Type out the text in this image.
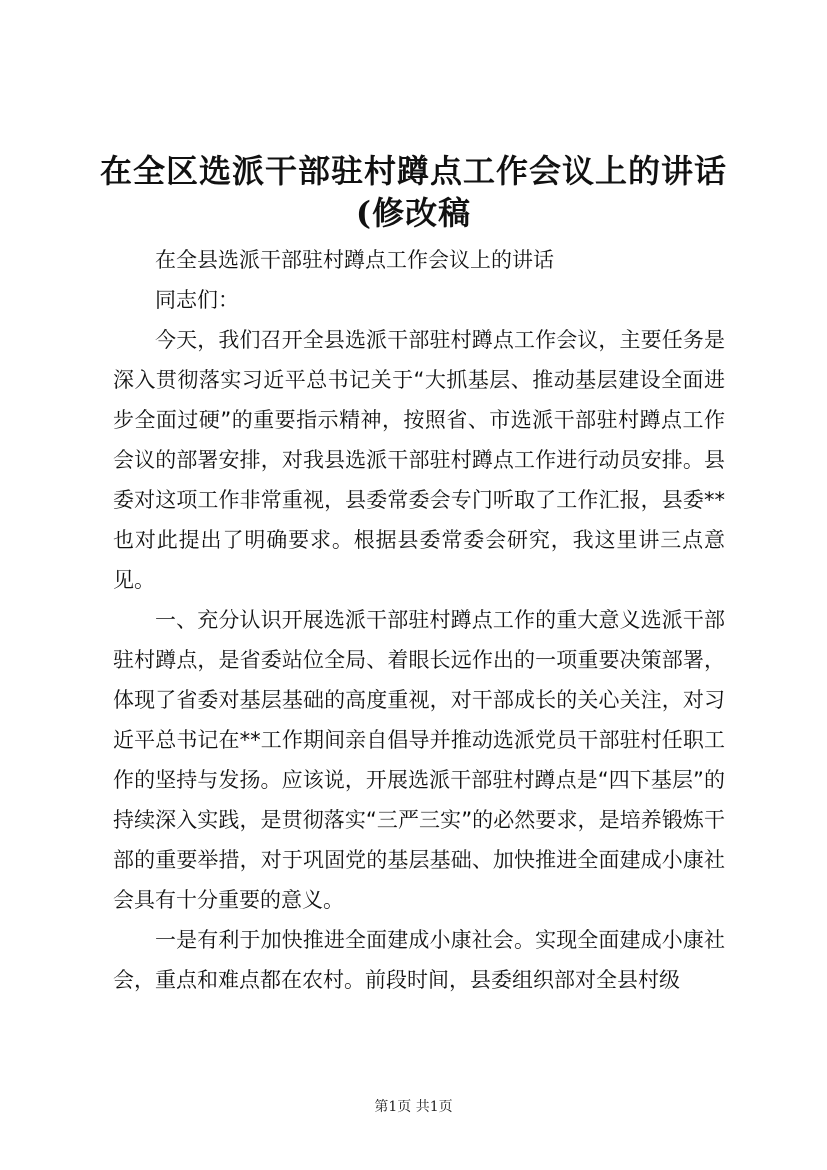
在全区选派干部驻村蹲点工作会议上的讲话
(修改稿

在全县选派干部驻村蹲点工作会议上的讲话

同志们：

今天，我们召开全县选派干部驻村蹲点工作会议，主要任务是深入贯彻落实习近平总书记关于“大抓基层、推动基层建设全面进步全面过硬”的重要指示精神，按照省、市选派干部驻村蹲点工作会议的部署安排，对我县选派干部驻村蹲点工作进行动员安排。县委对这项工作非常重视，县委常委会专门听取了工作汇报，县委**也对此提出了明确要求。根据县委常委会研究，我这里讲三点意见。

一、充分认识开展选派干部驻村蹲点工作的重大意义选派干部驻村蹲点，是省委站位全局、着眼长远作出的一项重要决策部署，体现了省委对基层基础的高度重视，对干部成长的关心关注，对习近平总书记在**工作期间亲自倡导并推动选派党员干部驻村任职工作的坚持与发扬。应该说，开展选派干部驻村蹲点是“四下基层”的持续深入实践，是贯彻落实“三严三实”的必然要求，是培养锻炼干部的重要举措，对于巩固党的基层基础、加快推进全面建成小康社会具有十分重要的意义。

一是有利于加快推进全面建成小康社会。实现全面建成小康社会，重点和难点都在农村。前段时间，县委组织部对全县村级

第1页 共1页
